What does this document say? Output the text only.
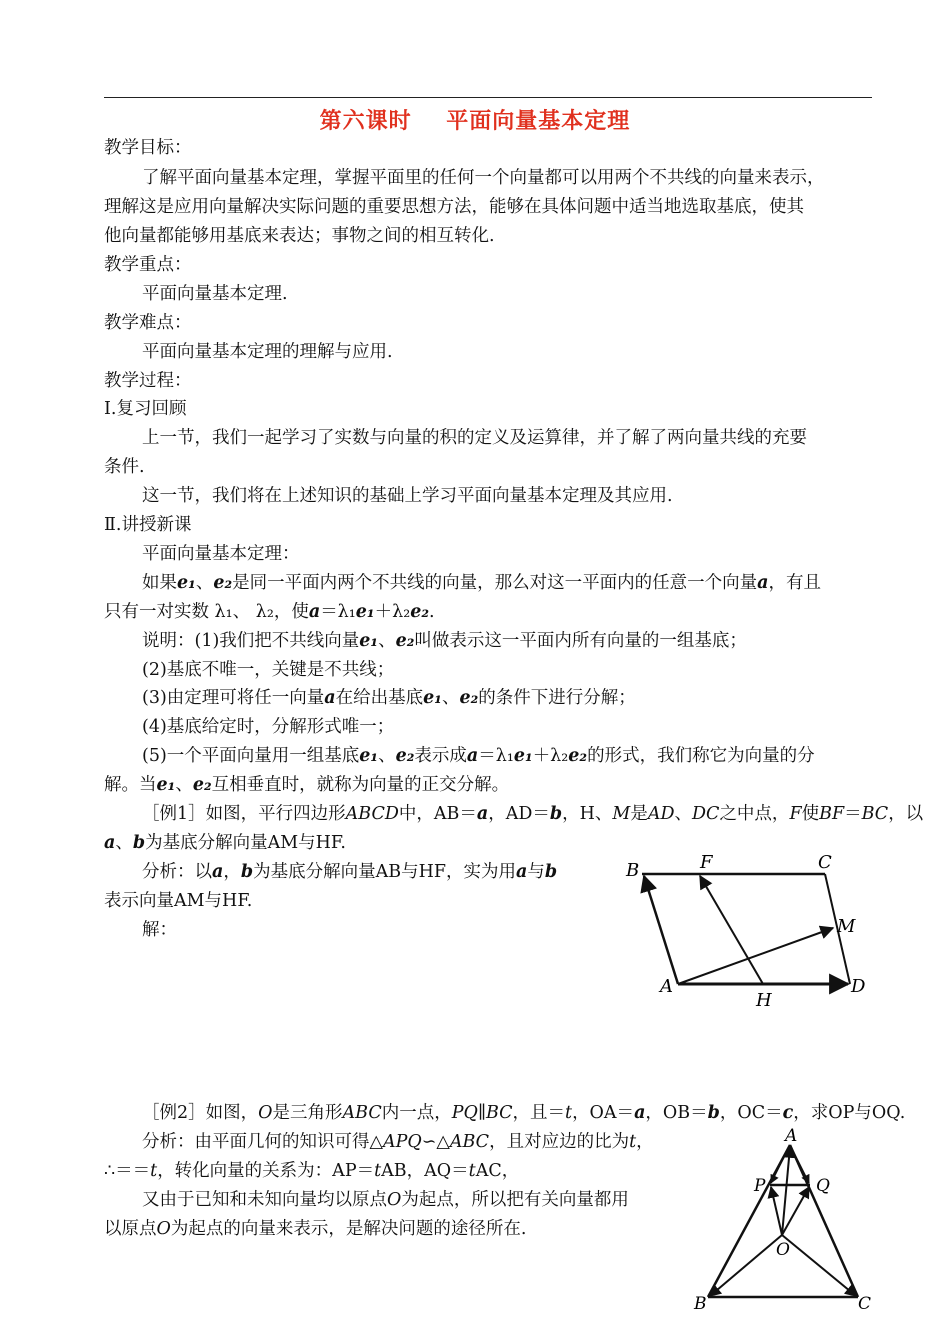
第六课时    平面向量基本定理
教学目标：
了解平面向量基本定理，掌握平面里的任何一个向量都可以用两个不共线的向量来表示，
理解这是应用向量解决实际问题的重要思想方法，能够在具体问题中适当地选取基底，使其
他向量都能够用基底来表达；事物之间的相互转化.
教学重点：
平面向量基本定理.
教学难点：
平面向量基本定理的理解与应用.
教学过程：
Ⅰ.复习回顾
上一节，我们一起学习了实数与向量的积的定义及运算律，并了解了两向量共线的充要
条件.
这一节，我们将在上述知识的基础上学习平面向量基本定理及其应用.
Ⅱ.讲授新课
平面向量基本定理：
如果e₁、e₂是同一平面内两个不共线的向量，那么对这一平面内的任意一个向量a，有且
只有一对实数 λ₁、 λ₂，使a＝λ₁e₁＋λ₂e₂.
说明：(1)我们把不共线向量e₁、e₂叫做表示这一平面内所有向量的一组基底；
(2)基底不唯一，关键是不共线；
(3)由定理可将任一向量a在给出基底e₁、e₂的条件下进行分解；
(4)基底给定时，分解形式唯一；
(5)一个平面向量用一组基底e₁、e₂表示成a＝λ₁e₁＋λ₂e₂的形式，我们称它为向量的分
解。当e₁、e₂互相垂直时，就称为向量的正交分解。
［例1］如图，平行四边形ABCD中，AB＝a，AD＝b，H、M是AD、DC之中点，F使BF＝BC，以
a、b为基底分解向量AM与HF.
分析：以a，b为基底分解向量AB与HF，实为用a与b
表示向量AM与HF.
解：
B	F	C
M
A
H
D
［例2］如图，O是三角形ABC内一点，PQ∥BC，且＝t，OA＝a，OB＝b，OC＝c，求OP与OQ.
分析：由平面几何的知识可得△APQ∽△ABC，且对应边的比为t，
∴＝＝t，转化向量的关系为：AP＝tAB，AQ＝tAC，
又由于已知和未知向量均以原点O为起点，所以把有关向量都用
以原点O为起点的向量来表示，是解决问题的途径所在.
A
P	Q
O
B	C
